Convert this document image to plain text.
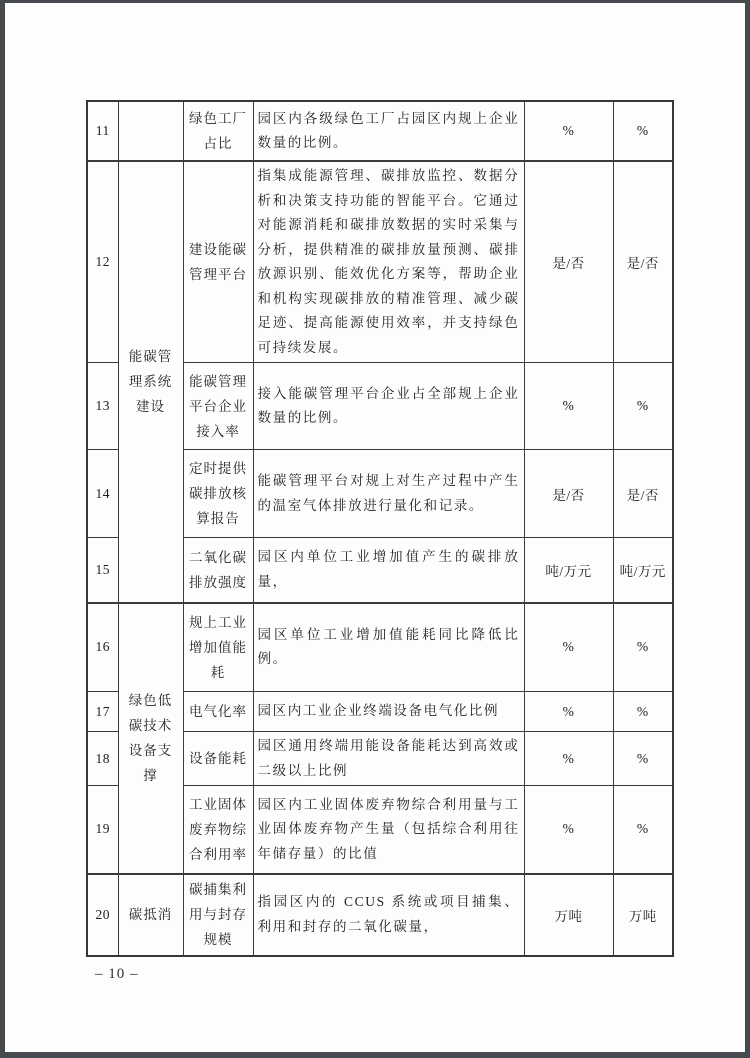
11		绿色工厂占比	园区内各级绿色工厂占园区内规上企业数量的比例。	%	%
12	能碳管理系统建设	建设能碳管理平台	指集成能源管理、碳排放监控、数据分析和决策支持功能的智能平台。它通过对能源消耗和碳排放数据的实时采集与分析，提供精准的碳排放量预测、碳排放源识别、能效优化方案等，帮助企业和机构实现碳排放的精准管理、减少碳足迹、提高能源使用效率，并支持绿色可持续发展。	是/否	是/否
13		能碳管理平台企业接入率	接入能碳管理平台企业占全部规上企业数量的比例。	%	%
14		定时提供碳排放核算报告	能碳管理平台对规上对生产过程中产生的温室气体排放进行量化和记录。	是/否	是/否
15		二氧化碳排放强度	园区内单位工业增加值产生的碳排放量，	吨/万元	吨/万元
16	绿色低碳技术设备支撑	规上工业增加值能耗	园区单位工业增加值能耗同比降低比例。	%	%
17		电气化率	园区内工业企业终端设备电气化比例	%	%
18		设备能耗	园区通用终端用能设备能耗达到高效或二级以上比例	%	%
19		工业固体废弃物综合利用率	园区内工业固体废弃物综合利用量与工业固体废弃物产生量（包括综合利用往年储存量）的比值	%	%
20	碳抵消	碳捕集利用与封存规模	指园区内的 CCUS 系统或项目捕集、利用和封存的二氧化碳量，	万吨	万吨
– 10 –
